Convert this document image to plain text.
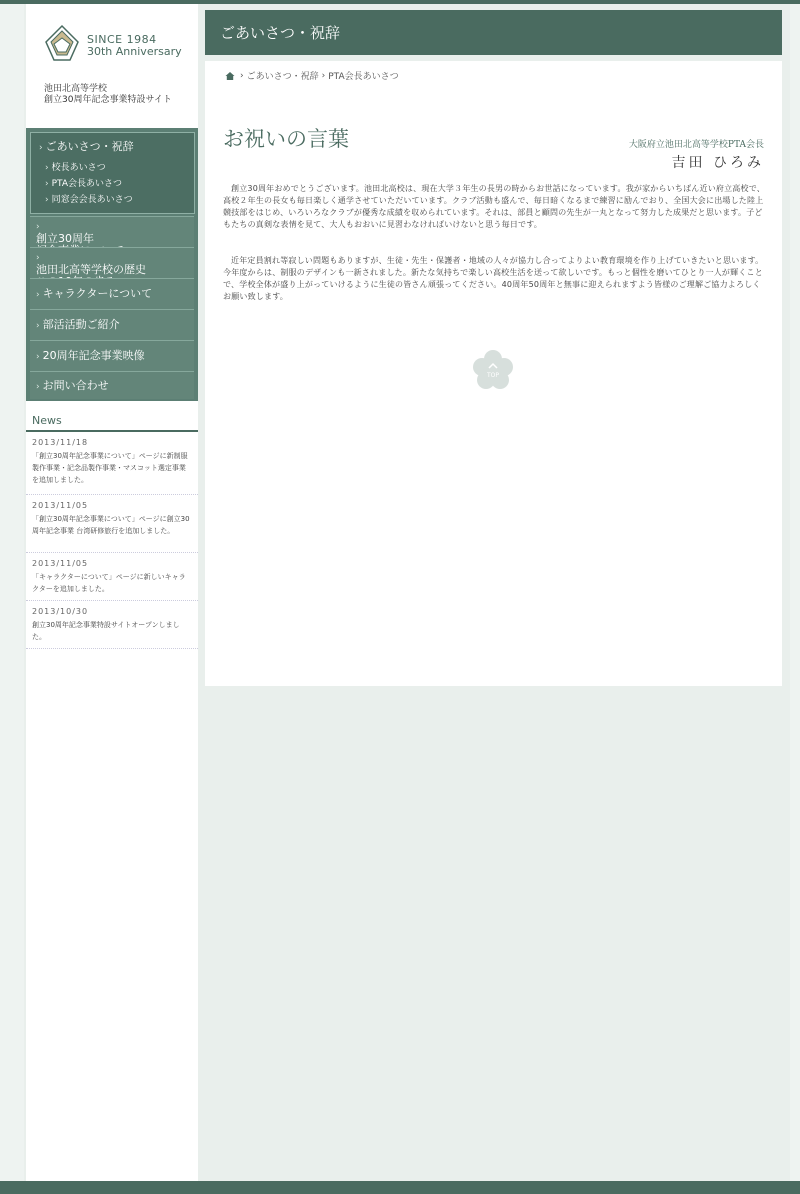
SINCE 1984
30th Anniversary
池田北高等学校
創立30周年記念事業特設サイト
› ごあいさつ・祝辞
› 校長あいさつ
› PTA会長あいさつ
› 同窓会会長あいさつ
› 創立30周年
› 池田北高等学校の歴史
› キャラクターについて
› 部活活動ご紹介
› 20周年記念事業映像
› お問い合わせ
News
2013/11/18
「創立30周年記念事業について」ページに新制服製作事業・記念品製作事業・マスコット選定事業を追加しました。
2013/11/05
「創立30周年記念事業について」ページに創立30周年記念事業 台湾研修旅行を追加しました。
2013/11/05
「キャラクターについて」ページに新しいキャラクターを追加しました。
2013/10/30
創立30周年記念事業特設サイトオープンしました。
ごあいさつ・祝辞
› ごあいさつ・祝辞 › PTA会長あいさつ
お祝いの言葉	大阪府立池田北高等学校PTA会長
吉田 ひろみ
創立30周年おめでとうございます。池田北高校は、現在大学３年生の長男の時からお世話になっています。我が家からいちばん近い府立高校で、高校２年生の長女も毎日楽しく通学させていただいています。クラブ活動も盛んで、毎日暗くなるまで練習に励んでおり、全国大会に出場した陸上競技部をはじめ、いろいろなクラブが優秀な成績を収められています。それは、部員と顧問の先生が一丸となって努力した成果だと思います。子どもたちの真剣な表情を見て、大人もおおいに見習わなければいけないと思う毎日です。
近年定員割れ等寂しい問題もありますが、生徒・先生・保護者・地域の人々が協力し合ってよりよい教育環境を作り上げていきたいと思います。今年度からは、制服のデザインも一新されました。新たな気持ちで楽しい高校生活を送って欲しいです。もっと個性を磨いてひとり一人が輝くことで、学校全体が盛り上がっていけるように生徒の皆さん頑張ってください。40周年50周年と無事に迎えられますよう皆様のご理解ご協力よろしくお願い致します。
TOP
